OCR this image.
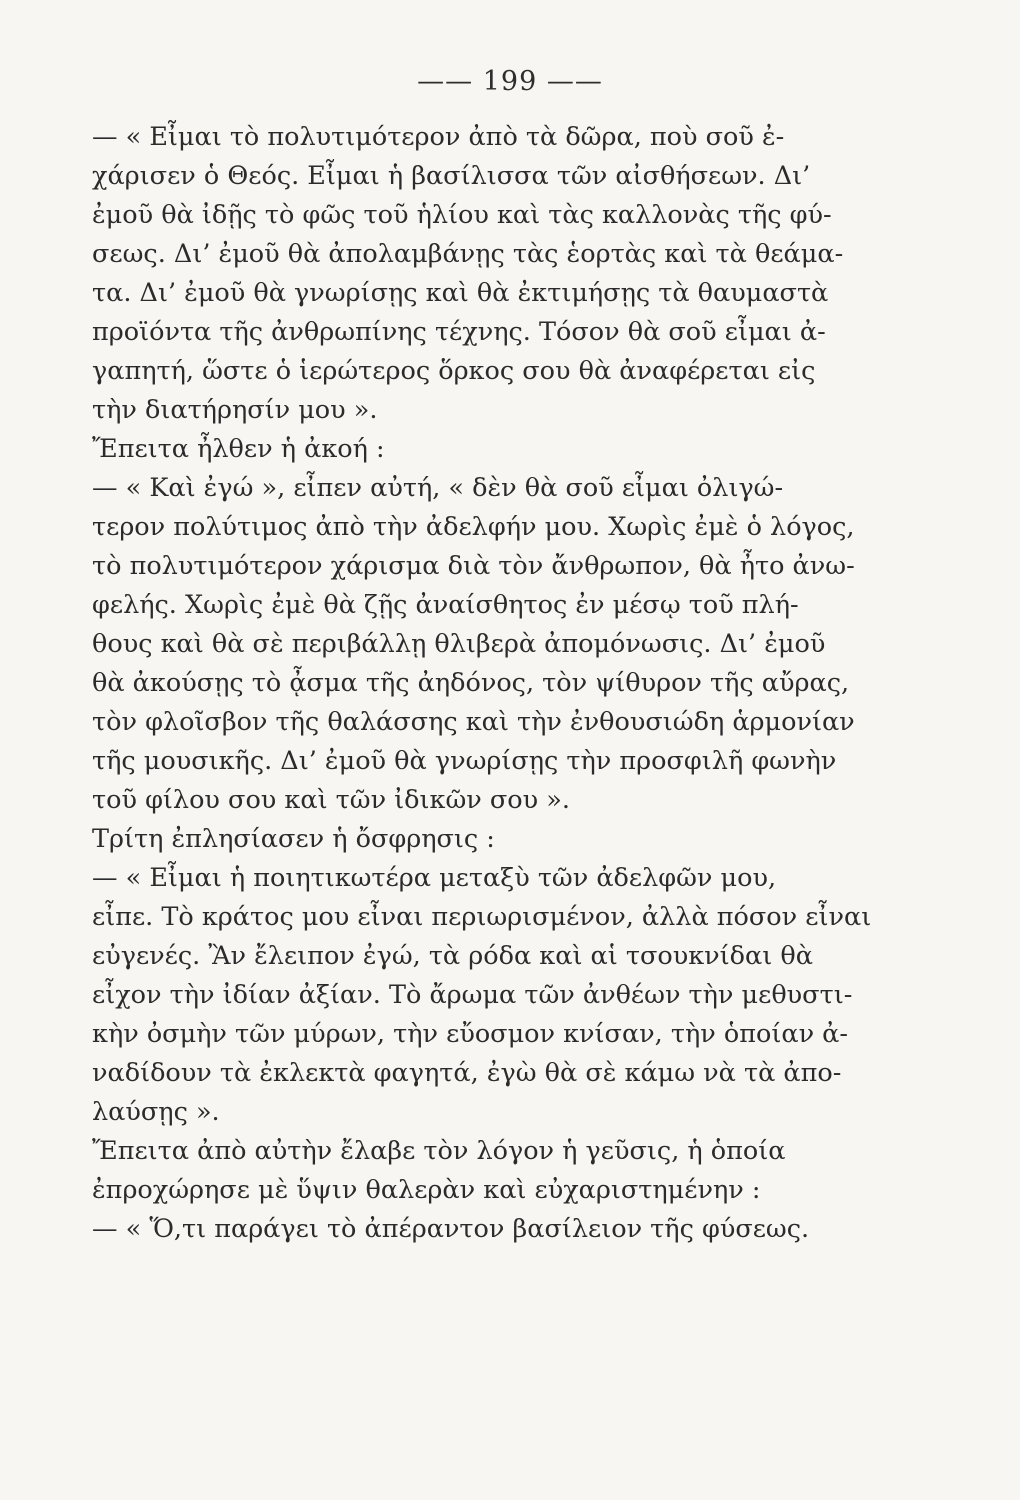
—— 199 ——
— « Εἶμαι τὸ πολυτιμότερον ἀπὸ τὰ δῶρα, ποὺ σοῦ ἐ-
χάρισεν ὁ Θεός. Εἶμαι ἡ βασίλισσα τῶν αἰσθήσεων. Δι’
ἐμοῦ θὰ ἰδῇς τὸ φῶς τοῦ ἡλίου καὶ τὰς καλλονὰς τῆς φύ-
σεως. Δι’ ἐμοῦ θὰ ἀπολαμβάνῃς τὰς ἑορτὰς καὶ τὰ θεάμα-
τα. Δι’ ἐμοῦ θὰ γνωρίσῃς καὶ θὰ ἐκτιμήσῃς τὰ θαυμαστὰ
προϊόντα τῆς ἀνθρωπίνης τέχνης. Τόσον θὰ σοῦ εἶμαι ἀ-
γαπητή, ὥστε ὁ ἱερώτερος ὅρκος σου θὰ ἀναφέρεται εἰς
τὴν διατήρησίν μου ».
Ἔπειτα ἦλθεν ἡ ἀκοή :
— « Καὶ ἐγώ », εἶπεν αὐτή, « δὲν θὰ σοῦ εἶμαι ὀλιγώ-
τερον πολύτιμος ἀπὸ τὴν ἀδελφήν μου. Χωρὶς ἐμὲ ὁ λόγος,
τὸ πολυτιμότερον χάρισμα διὰ τὸν ἄνθρωπον, θὰ ἦτο ἀνω-
φελής. Χωρὶς ἐμὲ θὰ ζῇς ἀναίσθητος ἐν μέσῳ τοῦ πλή-
θους καὶ θὰ σὲ περιβάλλῃ θλιβερὰ ἀπομόνωσις. Δι’ ἐμοῦ
θὰ ἀκούσῃς τὸ ᾆσμα τῆς ἀηδόνος, τὸν ψίθυρον τῆς αὔρας,
τὸν φλοῖσβον τῆς θαλάσσης καὶ τὴν ἐνθουσιώδη ἁρμονίαν
τῆς μουσικῆς. Δι’ ἐμοῦ θὰ γνωρίσῃς τὴν προσφιλῆ φωνὴν
τοῦ φίλου σου καὶ τῶν ἰδικῶν σου ».
Τρίτη ἐπλησίασεν ἡ ὄσφρησις :
— « Εἶμαι ἡ ποιητικωτέρα μεταξὺ τῶν ἀδελφῶν μου,
εἶπε. Τὸ κράτος μου εἶναι περιωρισμένον, ἀλλὰ πόσον εἶναι
εὐγενές. Ἂν ἔλειπον ἐγώ, τὰ ρόδα καὶ αἱ τσουκνίδαι θὰ
εἶχον τὴν ἰδίαν ἀξίαν. Τὸ ἄρωμα τῶν ἀνθέων τὴν μεθυστι-
κὴν ὀσμὴν τῶν μύρων, τὴν εὔοσμον κνίσαν, τὴν ὁποίαν ἀ-
ναδίδουν τὰ ἐκλεκτὰ φαγητά, ἐγὼ θὰ σὲ κάμω νὰ τὰ ἀπο-
λαύσῃς ».
Ἔπειτα ἀπὸ αὐτὴν ἔλαβε τὸν λόγον ἡ γεῦσις, ἡ ὁποία
ἐπροχώρησε μὲ ὕψιν θαλερὰν καὶ εὐχαριστημένην :
— « Ὅ,τι παράγει τὸ ἀπέραντον βασίλειον τῆς φύσεως.
